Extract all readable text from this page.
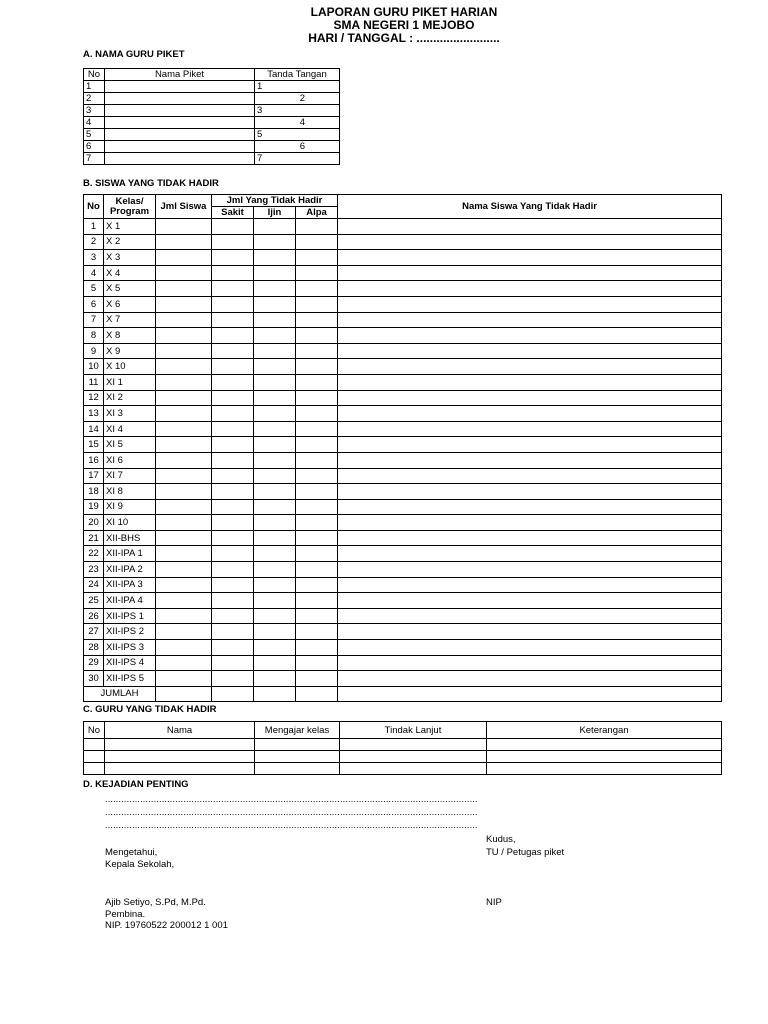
LAPORAN GURU PIKET HARIAN
SMA NEGERI 1 MEJOBO
HARI / TANGGAL : .........................
A. NAMA GURU PIKET
No	Nama Piket	Tanda Tangan
1		1
2		2
3		3
4		4
5		5
6		6
7		7
B. SISWA YANG TIDAK HADIR
No	Kelas/
Program	Jml Siswa	Jml Yang Tidak Hadir			Nama Siswa Yang Tidak Hadir
			Sakit	Ijin	Alpa	
1	X 1					
2	X 2					
3	X 3					
4	X 4					
5	X 5					
6	X 6					
7	X 7					
8	X 8					
9	X 9					
10	X 10					
11	XI 1					
12	XI 2					
13	XI 3					
14	XI 4					
15	XI 5					
16	XI 6					
17	XI 7					
18	XI 8					
19	XI 9					
20	XI 10					
21	XII-BHS					
22	XII-IPA 1					
23	XII-IPA 2					
24	XII-IPA 3					
25	XII-IPA 4					
26	XII-IPS 1					
27	XII-IPS 2					
28	XII-IPS 3					
29	XII-IPS 4					
30	XII-IPS 5					
JUMLAH						
C. GURU YANG TIDAK HADIR
No	Nama	Mengajar kelas	Tindak Lanjut	Keterangan

D. KEJADIAN PENTING
..........................................................................................................................................
..........................................................................................................................................
..........................................................................................................................................
Kudus,
Mengetahui,	TU / Petugas piket
Kepala Sekolah,
Ajib Setiyo, S.Pd, M.Pd.	NIP
Pembina.
NIP. 19760522 200012 1 001
